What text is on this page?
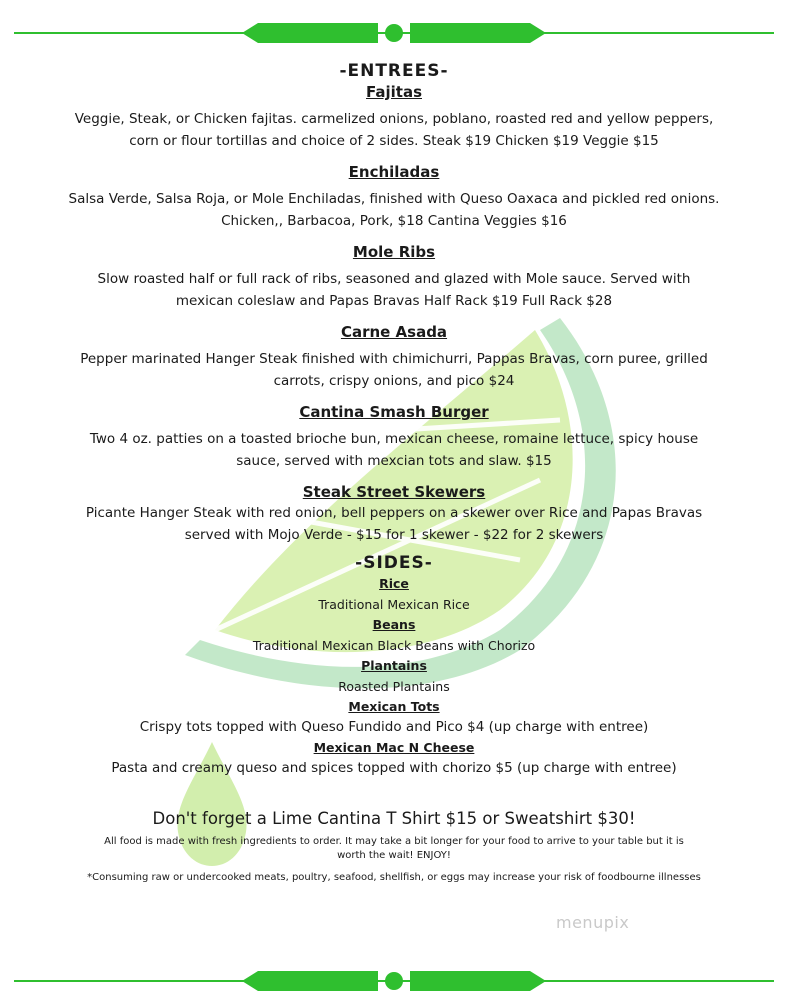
-ENTREES-
Fajitas

Veggie, Steak, or Chicken fajitas. carmelized onions, poblano, roasted red and yellow peppers,

corn or flour tortillas and choice of 2 sides. Steak $19 Chicken $19 Veggie $15

Enchiladas

Salsa Verde, Salsa Roja, or Mole Enchiladas, finished with Queso Oaxaca and pickled red onions.

Chicken,, Barbacoa, Pork, $18 Cantina Veggies $16

Mole Ribs

Slow roasted half or full rack of ribs, seasoned and glazed with Mole sauce. Served with

mexican coleslaw and Papas Bravas Half Rack $19 Full Rack $28

Carne Asada

Pepper marinated Hanger Steak finished with chimichurri, Pappas Bravas, corn puree, grilled

carrots, crispy onions, and pico $24

Cantina Smash Burger

Two 4 oz. patties on a toasted brioche bun, mexican cheese, romaine lettuce, spicy house

sauce, served with mexcian tots and slaw. $15

Steak Street Skewers

Picante Hanger Steak with red onion, bell peppers on a skewer over Rice and Papas Bravas

served with Mojo Verde - $15 for 1 skewer - $22 for 2 skewers

-SIDES-
Rice

Traditional Mexican Rice

Beans

Traditional Mexican Black Beans with Chorizo

Plantains

Roasted Plantains

Mexican Tots

Crispy tots topped with Queso Fundido and Pico $4 (up charge with entree)

Mexican Mac N Cheese

Pasta and creamy queso and spices topped with chorizo $5 (up charge with entree)

Don't forget a Lime Cantina T Shirt $15 or Sweatshirt $30!

All food is made with fresh ingredients to order. It may take a bit longer for your food to arrive to your table but it is

worth the wait! ENJOY!

*Consuming raw or undercooked meats, poultry, seafood, shellfish, or eggs may increase your risk of foodbourne illnesses

menupix
